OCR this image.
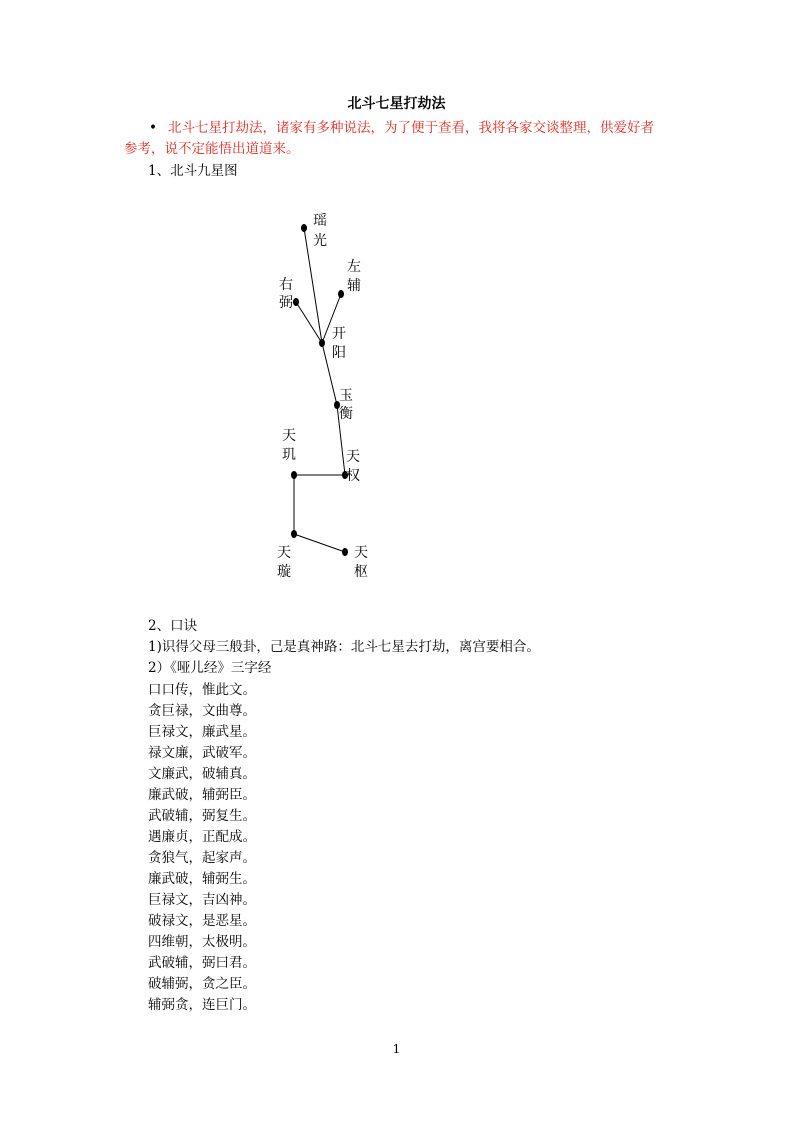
北斗七星打劫法
• 北斗七星打劫法，诸家有多种说法，为了便于查看，我将各家交谈整理，供爱好者
参考，说不定能悟出道道来。
1、北斗九星图
瑶
光
左
辅
右
弼
开
阳
玉
衡
天
玑	天
权
天
璇
天
枢
2、口诀
1)识得父母三般卦，己是真神路：北斗七星去打劫，离宫要相合。
2）《哑儿经》三字经
口口传，惟此文。
贪巨禄，文曲尊。
巨禄文，廉武星。
禄文廉，武破军。
文廉武，破辅真。
廉武破，辅弼臣。
武破辅，弼复生。
遇廉贞，正配成。
贪狼气，起家声。
廉武破，辅弼生。
巨禄文，吉凶神。
破禄文，是恶星。
四维朝，太极明。
武破辅，弼曰君。
破辅弼，贪之臣。
辅弼贪，连巨门。
1
